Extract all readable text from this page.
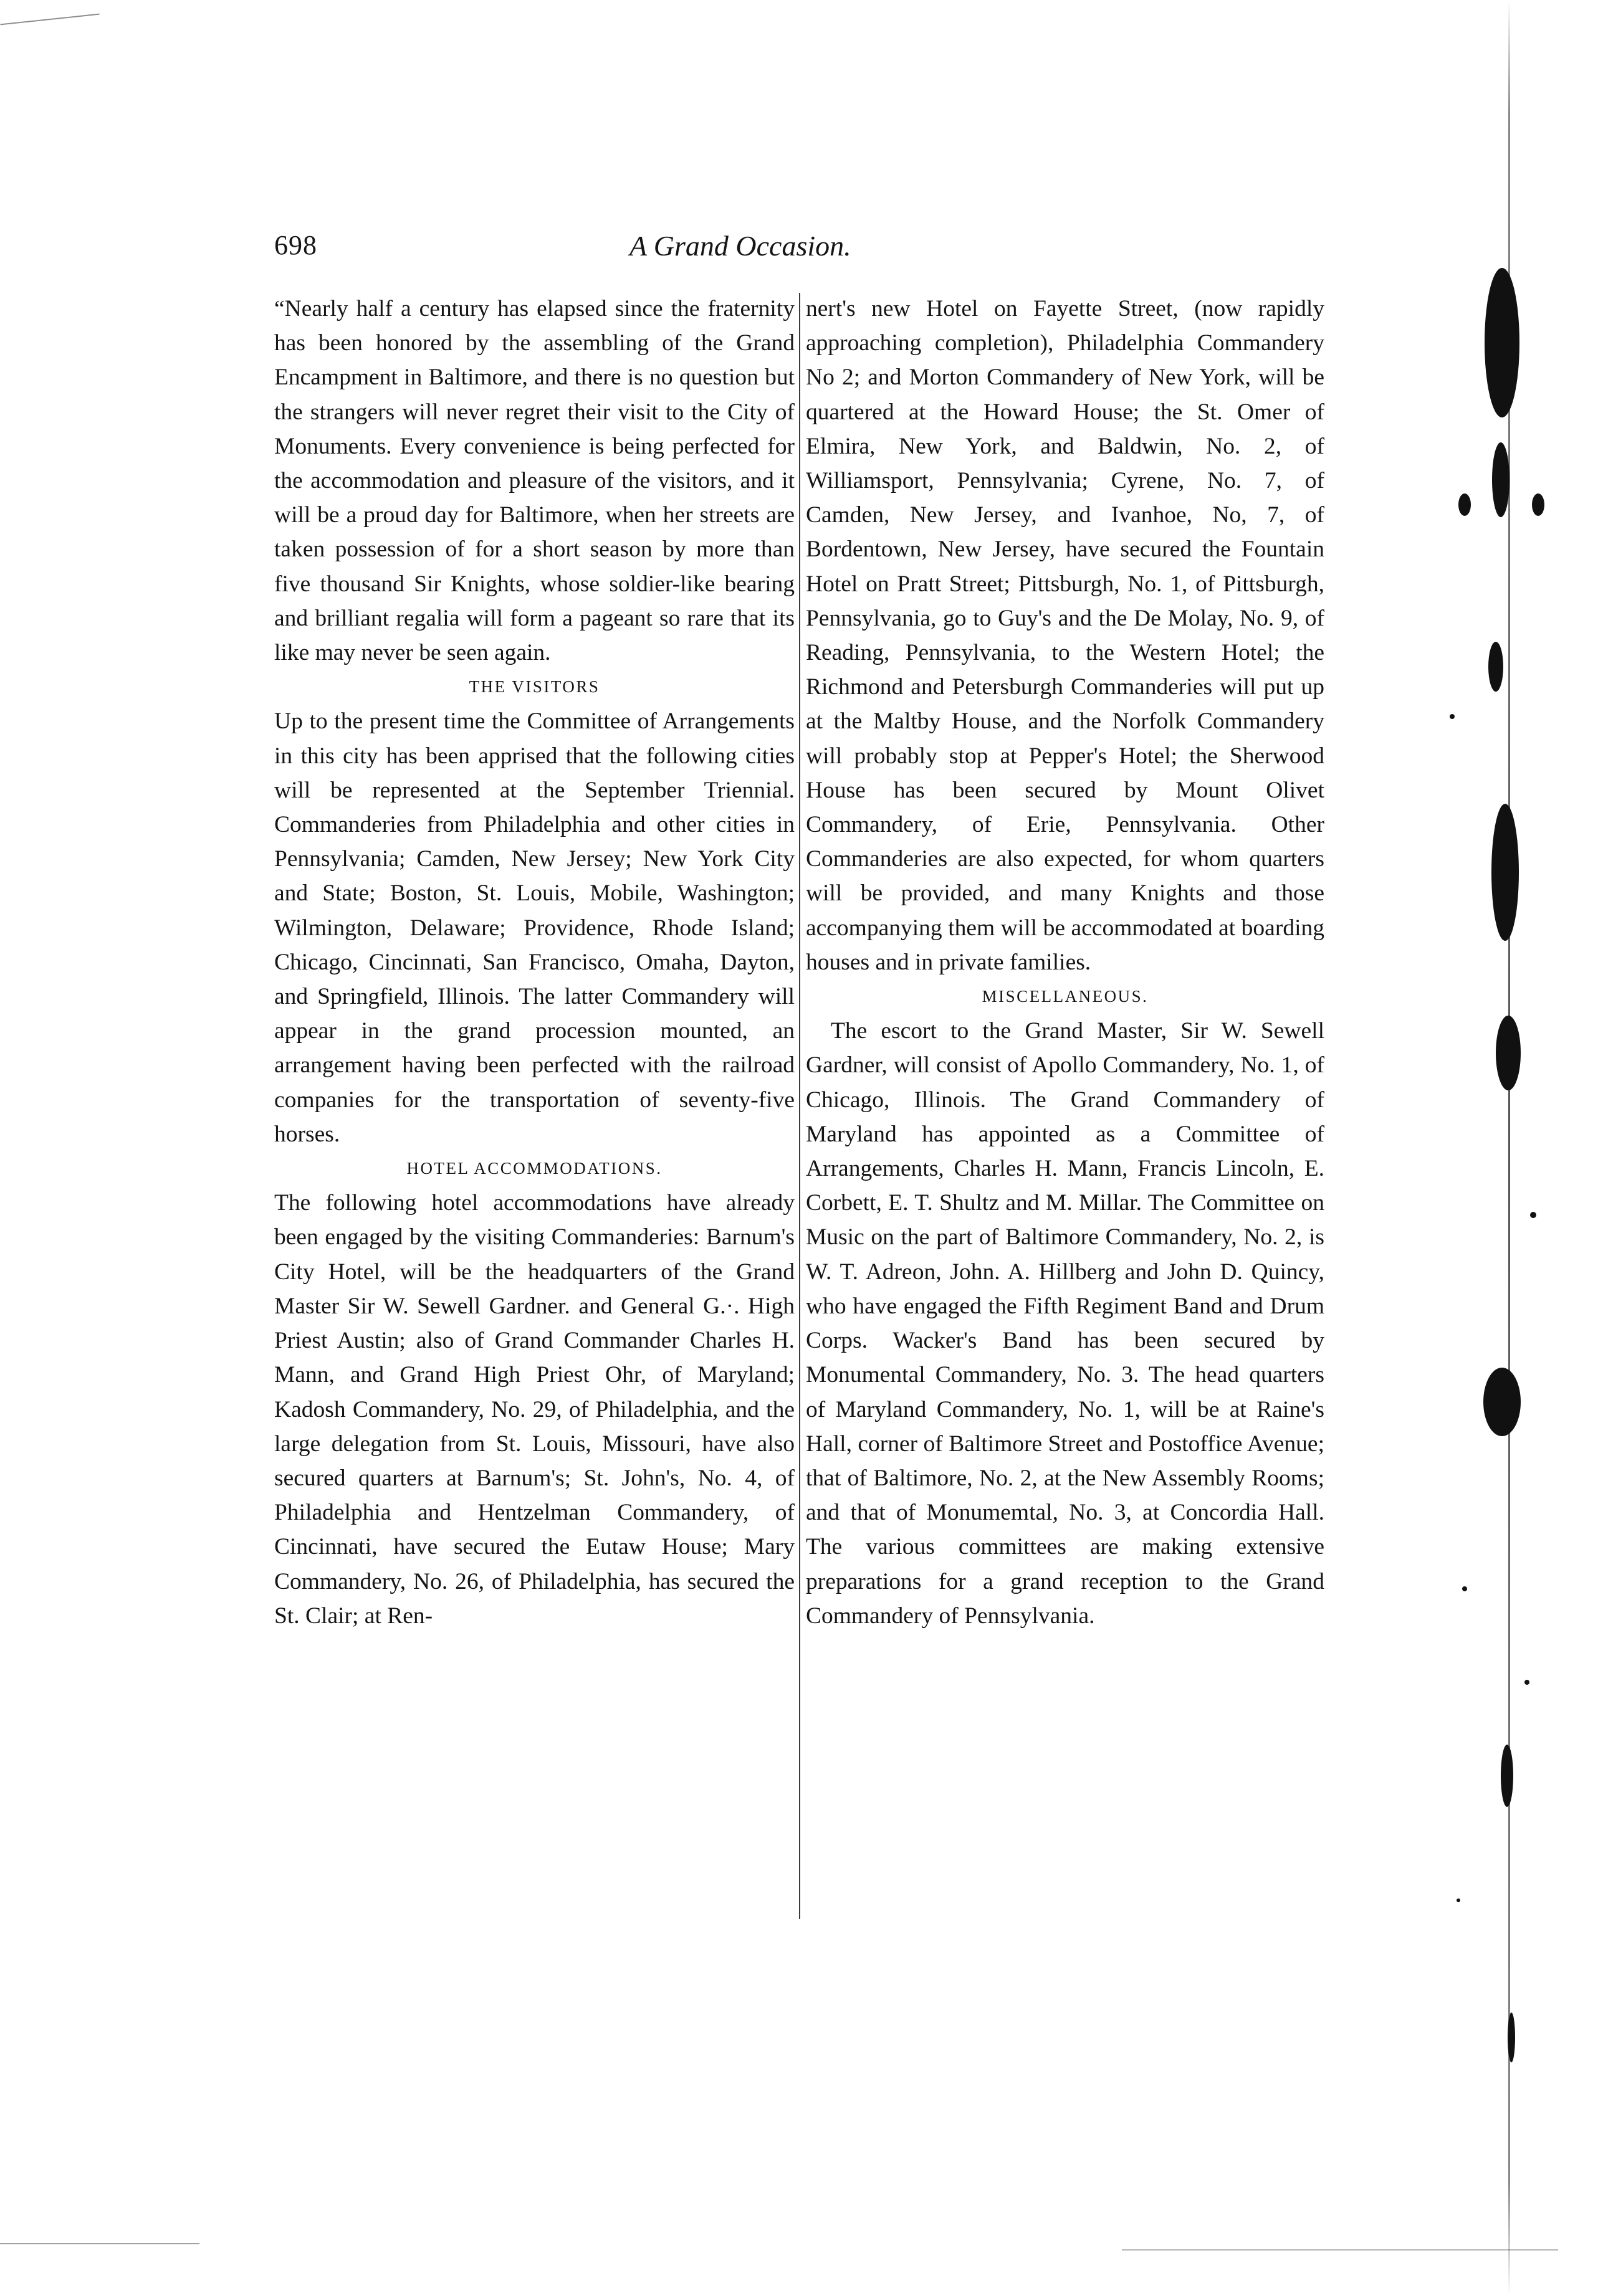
698	A Grand Occasion.

“Nearly half a century has elapsed since the fraternity has been honored by the assembling of the Grand Encampment in Baltimore, and there is no question but the strangers will never regret their visit to the City of Monuments. Every convenience is being perfected for the accommodation and pleasure of the visitors, and it will be a proud day for Baltimore, when her streets are taken possession of for a short season by more than five thousand Sir Knights, whose soldier-like bearing and brilliant regalia will form a pageant so rare that its like may never be seen again.

THE VISITORS

Up to the present time the Committee of Arrangements in this city has been apprised that the following cities will be represented at the September Triennial. Commanderies from Philadelphia and other cities in Pennsylvania; Camden, New Jersey; New York City and State; Boston, St. Louis, Mobile, Washington; Wilmington, Delaware; Providence, Rhode Island; Chicago, Cincinnati, San Francisco, Omaha, Dayton, and Springfield, Illinois. The latter Commandery will appear in the grand procession mounted, an arrangement having been perfected with the railroad companies for the transportation of seventy-five horses.

HOTEL ACCOMMODATIONS.

The following hotel accommodations have already been engaged by the visiting Commanderies: Barnum's City Hotel, will be the headquarters of the Grand Master Sir W. Sewell Gardner. and General G.·. High Priest Austin; also of Grand Commander Charles H. Mann, and Grand High Priest Ohr, of Maryland; Kadosh Commandery, No. 29, of Philadelphia, and the large delegation from St. Louis, Missouri, have also secured quarters at Barnum's; St. John's, No. 4, of Philadelphia and Hentzelman Commandery, of Cincinnati, have secured the Eutaw House; Mary Commandery, No. 26, of Philadelphia, has secured the St. Clair; at Ren-

nert's new Hotel on Fayette Street, (now rapidly approaching completion), Philadelphia Commandery No 2; and Morton Commandery of New York, will be quartered at the Howard House; the St. Omer of Elmira, New York, and Baldwin, No. 2, of Williamsport, Pennsylvania; Cyrene, No. 7, of Camden, New Jersey, and Ivanhoe, No, 7, of Bordentown, New Jersey, have secured the Fountain Hotel on Pratt Street; Pittsburgh, No. 1, of Pittsburgh, Pennsylvania, go to Guy's and the De Molay, No. 9, of Reading, Pennsylvania, to the Western Hotel; the Richmond and Petersburgh Commanderies will put up at the Maltby House, and the Norfolk Commandery will probably stop at Pepper's Hotel; the Sherwood House has been secured by Mount Olivet Commandery, of Erie, Pennsylvania. Other Commanderies are also expected, for whom quarters will be provided, and many Knights and those accompanying them will be accommodated at boarding houses and in private families.

MISCELLANEOUS.

The escort to the Grand Master, Sir W. Sewell Gardner, will consist of Apollo Commandery, No. 1, of Chicago, Illinois. The Grand Commandery of Maryland has appointed as a Committee of Arrangements, Charles H. Mann, Francis Lincoln, E. Corbett, E. T. Shultz and M. Millar. The Committee on Music on the part of Baltimore Commandery, No. 2, is W. T. Adreon, John. A. Hillberg and John D. Quincy, who have engaged the Fifth Regiment Band and Drum Corps. Wacker's Band has been secured by Monumental Commandery, No. 3. The head quarters of Maryland Commandery, No. 1, will be at Raine's Hall, corner of Baltimore Street and Postoffice Avenue; that of Baltimore, No. 2, at the New Assembly Rooms; and that of Monumemtal, No. 3, at Concordia Hall. The various committees are making extensive preparations for a grand reception to the Grand Commandery of Pennsylvania.
